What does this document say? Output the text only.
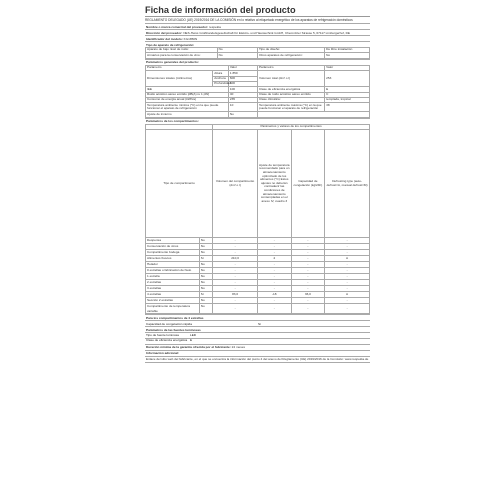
Ficha de información del producto
REGLAMENTO DELEGADO (UE) 2019/2016 DE LA COMISIÓN en lo relativo al etiquetado energético de los aparatos de refrigeración domésticos
Nombre o marca comercial del proveedor: respekta
Dirección del proveedor: NES-Heiss Großhandelsgesellschaft für Elektro- und Haustechnik GmbH, Chemnitzer Strasse 5, 67117 Limburgerhof, DE
Identificador del modelo: KG1850N
Tipo de aparato de refrigeración:
Aparato de bajo nivel de ruido:	No	Tipo de diseño:	De libre instalación
Armarios para la conservación de vino:	No	Otros aparatos de refrigeración:	No
Parámetros generales del producto:
Parámetro		Valor	Parámetro	Valor
Dimensiones totales (milímetros)	Altura	1 850	Volumen total (dm³ o l)	253
	Anchura	600		
	Profundidad	600		
IEE		100	Clase de eficiencia energética	E
Ruido acústico aéreo emitido [dB(A) re 1 pW]		40	Clase de ruido acústico aéreo emitido	C
Consumo de energía anual (kWh/a)		235	Clase climática:	templada, tropical
Temperatura ambiente mínima (°C) en la que puede funcionar el aparato de refrigeración		10	Temperatura ambiente máxima (°C) en la que puede funcionar el aparato de refrigeración	38
Ajuste de invierno		No		
Parámetros de los compartimentos:
		Parámetros y valores de los compartimentos			
Tipo de compartimento		Volumen del compartimento (dm³ o l)	Ajuste de temperatura recomendado para un almacenamiento optimizado de los alimentos (°C) Estos ajustes no deberán contradecir las condiciones de almacenamiento contempladas en el anexo IV, cuadro 3	Capacidad de congelación (kg/24h)	Defrosting type (auto-defrost=A, manual defrost=M)
Despensa	No	-	-	-	-
Conservación de vinos	No	-	-	-	-
Compartimento bodega	No	-	-	-	-
Alimentos frescos	Sí	210,0	4	-	A
Helador	No	-	-	-	-
0 estrellas o fabricación de hielo	No	-	-	-	-
1 estrella	No	-	-	-	-
2 estrellas	No	-	-	-	-
3 estrellas	No	-	-	-	-
4 estrellas	Sí	83,0	-18	36,0	A
Sección 2 estrellas	No	-	-	-	-
Compartimento de temperatura variable	No	-	-	-	-
Para los compartimentos de 4 estrellas
Capacidad de congelación rápida	Sí
Parámetros de las fuentes luminosas
Tipo de fuente luminosa	LED
Clase de eficiencia energética E
Duración mínima de la garantía ofrecida por el fabricante: 24 meses
Información adicional:
Enlace del sitio web del fabricante, en el que se encuentra la información del punto 4 del anexo del Reglamento (UE) 2019/2016 de la Comisión: www.respekta.de
